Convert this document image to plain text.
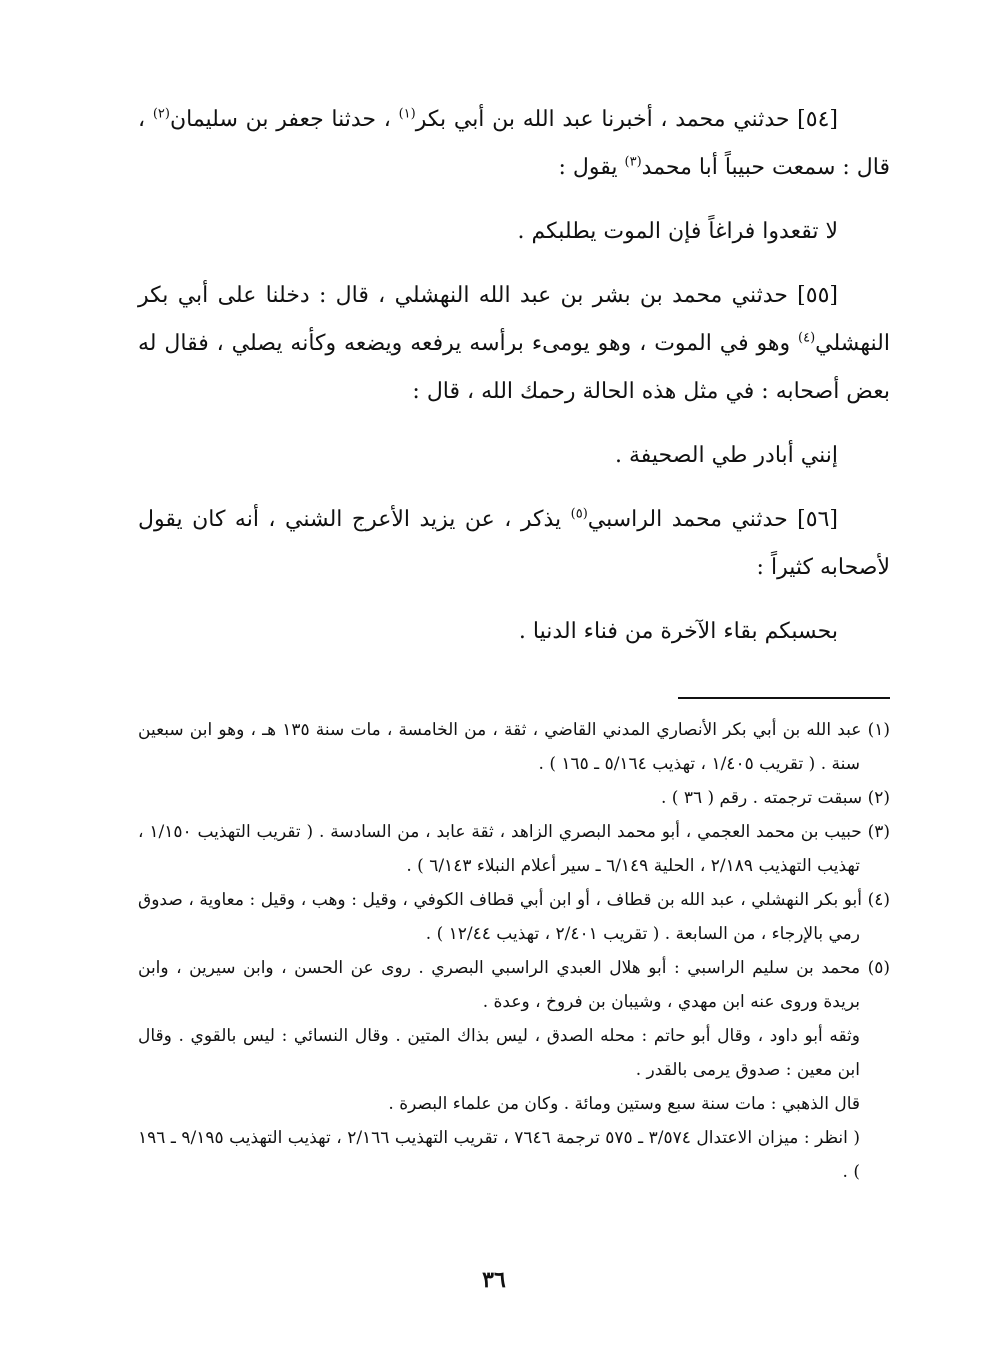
[٥٤] حدثني محمد ، أخبرنا عبد الله بن أبي بكر$^{(١)}$ ، حدثنا جعفر بن سليمان$^{(٢)}$ ، قال : سمعت حبيباً أبا محمد$^{(٣)}$ يقول :

لا تقعدوا فراغاً فإن الموت يطلبكم .

[٥٥] حدثني محمد بن بشر بن عبد الله النهشلي ، قال : دخلنا على أبي بكر النهشلي$^{(٤)}$ وهو في الموت ، وهو يومىء برأسه يرفعه ويضعه وكأنه يصلي ، فقال له بعض أصحابه : في مثل هذه الحالة رحمك الله ، قال :

إنني أبادر طي الصحيفة .

[٥٦] حدثني محمد الراسبي$^{(٥)}$ يذكر ، عن يزيد الأعرج الشني ، أنه كان يقول لأصحابه كثيراً :

بحسبكم بقاء الآخرة من فناء الدنيا .

(١) عبد الله بن أبي بكر الأنصاري المدني القاضي ، ثقة ، من الخامسة ، مات سنة ١٣٥ هـ ، وهو ابن سبعين سنة . ( تقريب ١/٤٠٥ ، تهذيب ٥/١٦٤ ـ ١٦٥ ) .

(٢) سبقت ترجمته . رقم ( ٣٦ ) .

(٣) حبيب بن محمد العجمي ، أبو محمد البصري الزاهد ، ثقة عابد ، من السادسة . ( تقريب التهذيب ١/١٥٠ ، تهذيب التهذيب ٢/١٨٩ ، الحلية ٦/١٤٩ ـ سير أعلام النبلاء ٦/١٤٣ ) .

(٤) أبو بكر النهشلي ، عبد الله بن قطاف ، أو ابن أبي قطاف الكوفي ، وقيل : وهب ، وقيل : معاوية ، صدوق رمي بالإرجاء ، من السابعة . ( تقريب ٢/٤٠١ ، تهذيب ١٢/٤٤ ) .

(٥) محمد بن سليم الراسبي : أبو هلال العبدي الراسبي البصري . روى عن الحسن ، وابن سيرين ، وابن بريدة وروى عنه ابن مهدي ، وشيبان بن فروخ ، وعدة .

وثقه أبو داود ، وقال أبو حاتم : محله الصدق ، ليس بذاك المتين . وقال النسائي : ليس بالقوي . وقال ابن معين : صدوق يرمى بالقدر .

قال الذهبي : مات سنة سبع وستين ومائة . وكان من علماء البصرة .

( انظر : ميزان الاعتدال ٣/٥٧٤ ـ ٥٧٥ ترجمة ٧٦٤٦ ، تقريب التهذيب ٢/١٦٦ ، تهذيب التهذيب ٩/١٩٥ ـ ١٩٦ ) .

٣٦
